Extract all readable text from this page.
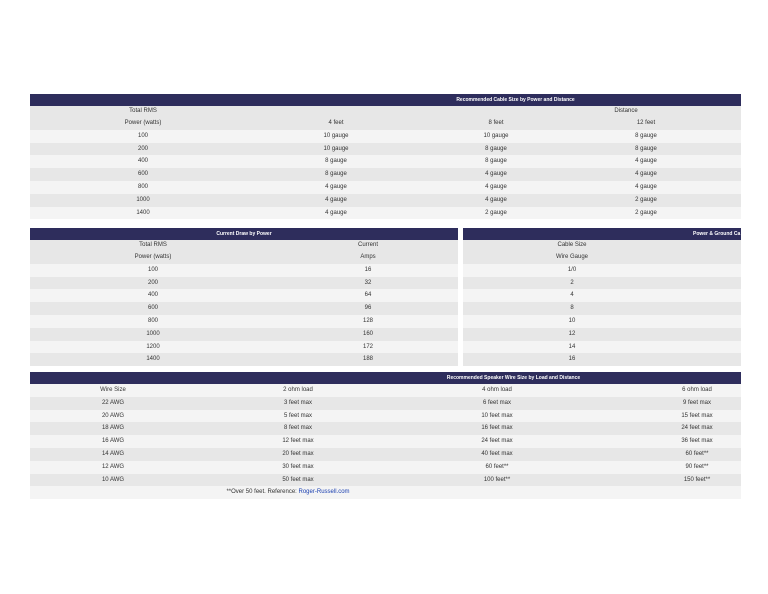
Recommended Cable Size by Power and Distance
Total RMS	Distance
Power (watts)	4 feet	8 feet	12 feet
100	10 gauge	10 gauge	8 gauge
200	10 gauge	8 gauge	8 gauge
400	8 gauge	8 gauge	4 gauge
600	8 gauge	4 gauge	4 gauge
800	4 gauge	4 gauge	4 gauge
1000	4 gauge	4 gauge	2 gauge
1400	4 gauge	2 gauge	2 gauge
Current Draw by Power
Total RMS	Current
Power (watts)	Amps
100	16
200	32
400	64
600	96
800	128
1000	160
1200	172
1400	188
Power & Ground Ca
Cable Size
Wire Gauge
1/0
2
4
8
10
12
14
16
Recommended Speaker Wire Size by Load and Distance
Wire Size	2 ohm load	4 ohm load	6 ohm load
22 AWG	3 feet max	6 feet max	9 feet max
20 AWG	5 feet max	10 feet max	15 feet max
18 AWG	8 feet max	16 feet max	24 feet max
16 AWG	12 feet max	24 feet max	36 feet max
14 AWG	20 feet max	40 feet max	60 feet**
12 AWG	30 feet max	60 feet**	90 feet**
10 AWG	50 feet max	100 feet**	150 feet**
**Over 50 feet. Reference: Roger-Russell.com
